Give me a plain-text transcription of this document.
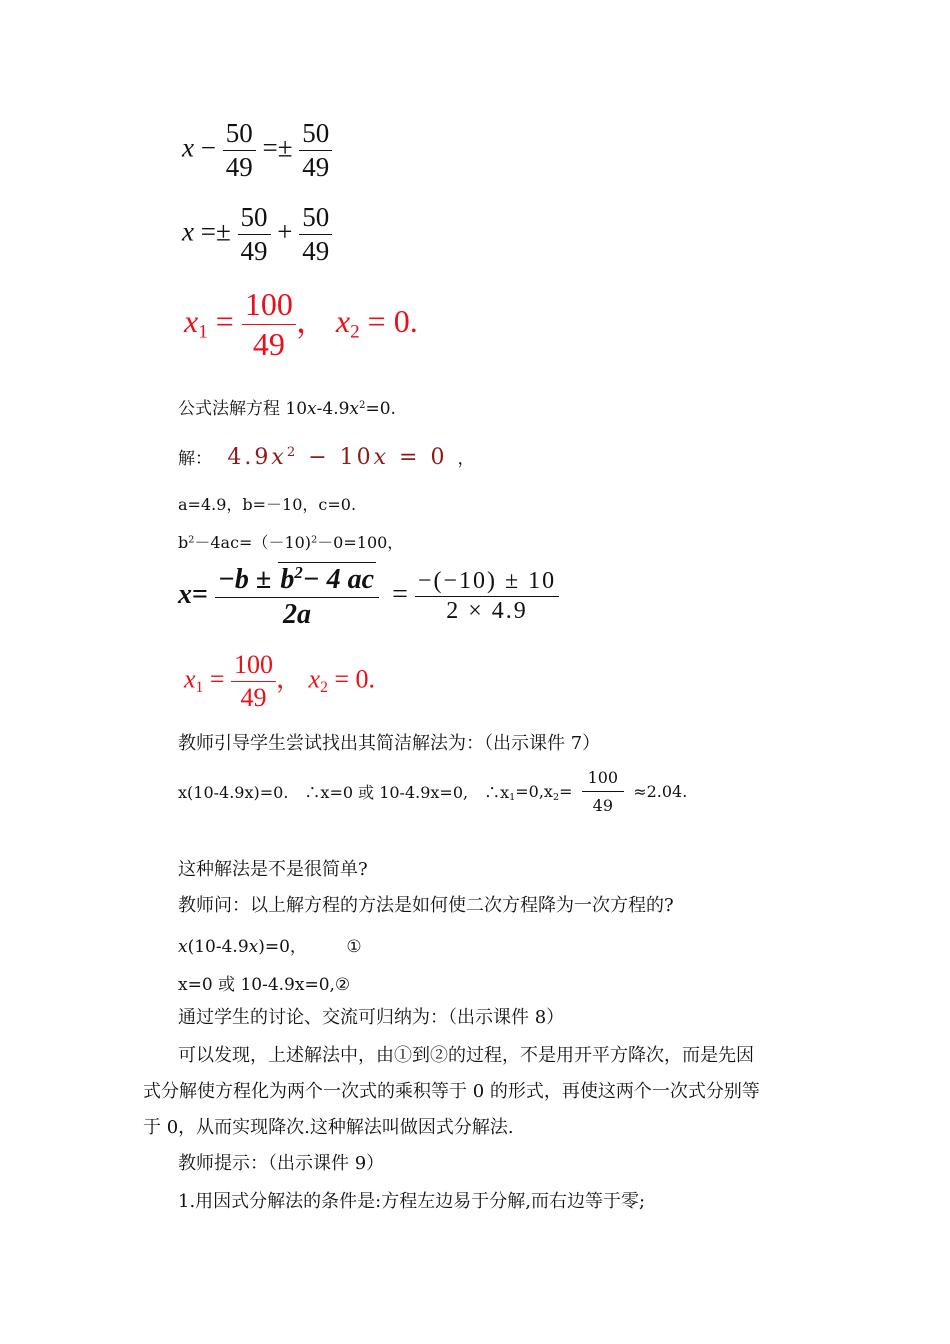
$x - \frac{50}{49} =\pm \frac{50}{49}$
$x =\pm \frac{50}{49} + \frac{50}{49}$
$x_1 = \frac{100}{49}$ ， $x_2 = 0$.
公式法解方程 $10x-4.9x^2=0$.
解： $4.9x^2 - 10x = 0$ ，
a=4.9，b=－10，c=0.
$b^2-4ac=(-10)^2-0=100$，
$x= \frac{-b \pm b^2- 4 ac}{2a} = \frac{-(-10) \pm 10}{2 \times 4.9}$
$x_1 = \frac{100}{49}$ ， $x_2 = 0$.
教师引导学生尝试找出其简洁解法为：（出示课件 7）
x(10-4.9x)=0.　∴x=0 或 10-4.9x=0,　$\therefore x_1=0,x_2= \frac{100}{49} \approx 2.04$.
这种解法是不是很简单?
教师问：以上解方程的方法是如何使二次方程降为一次方程的?
x(10-4.9x)=0， ①
x=0 或 10-4.9x=0,②
通过学生的讨论、交流可归纳为：（出示课件 8）
可以发现，上述解法中，由①到②的过程，不是用开平方降次，而是先因
式分解使方程化为两个一次式的乘积等于 0 的形式，再使这两个一次式分别等
于 0，从而实现降次.这种解法叫做因式分解法.
教师提示：（出示课件 9）
1.用因式分解法的条件是:方程左边易于分解,而右边等于零;
